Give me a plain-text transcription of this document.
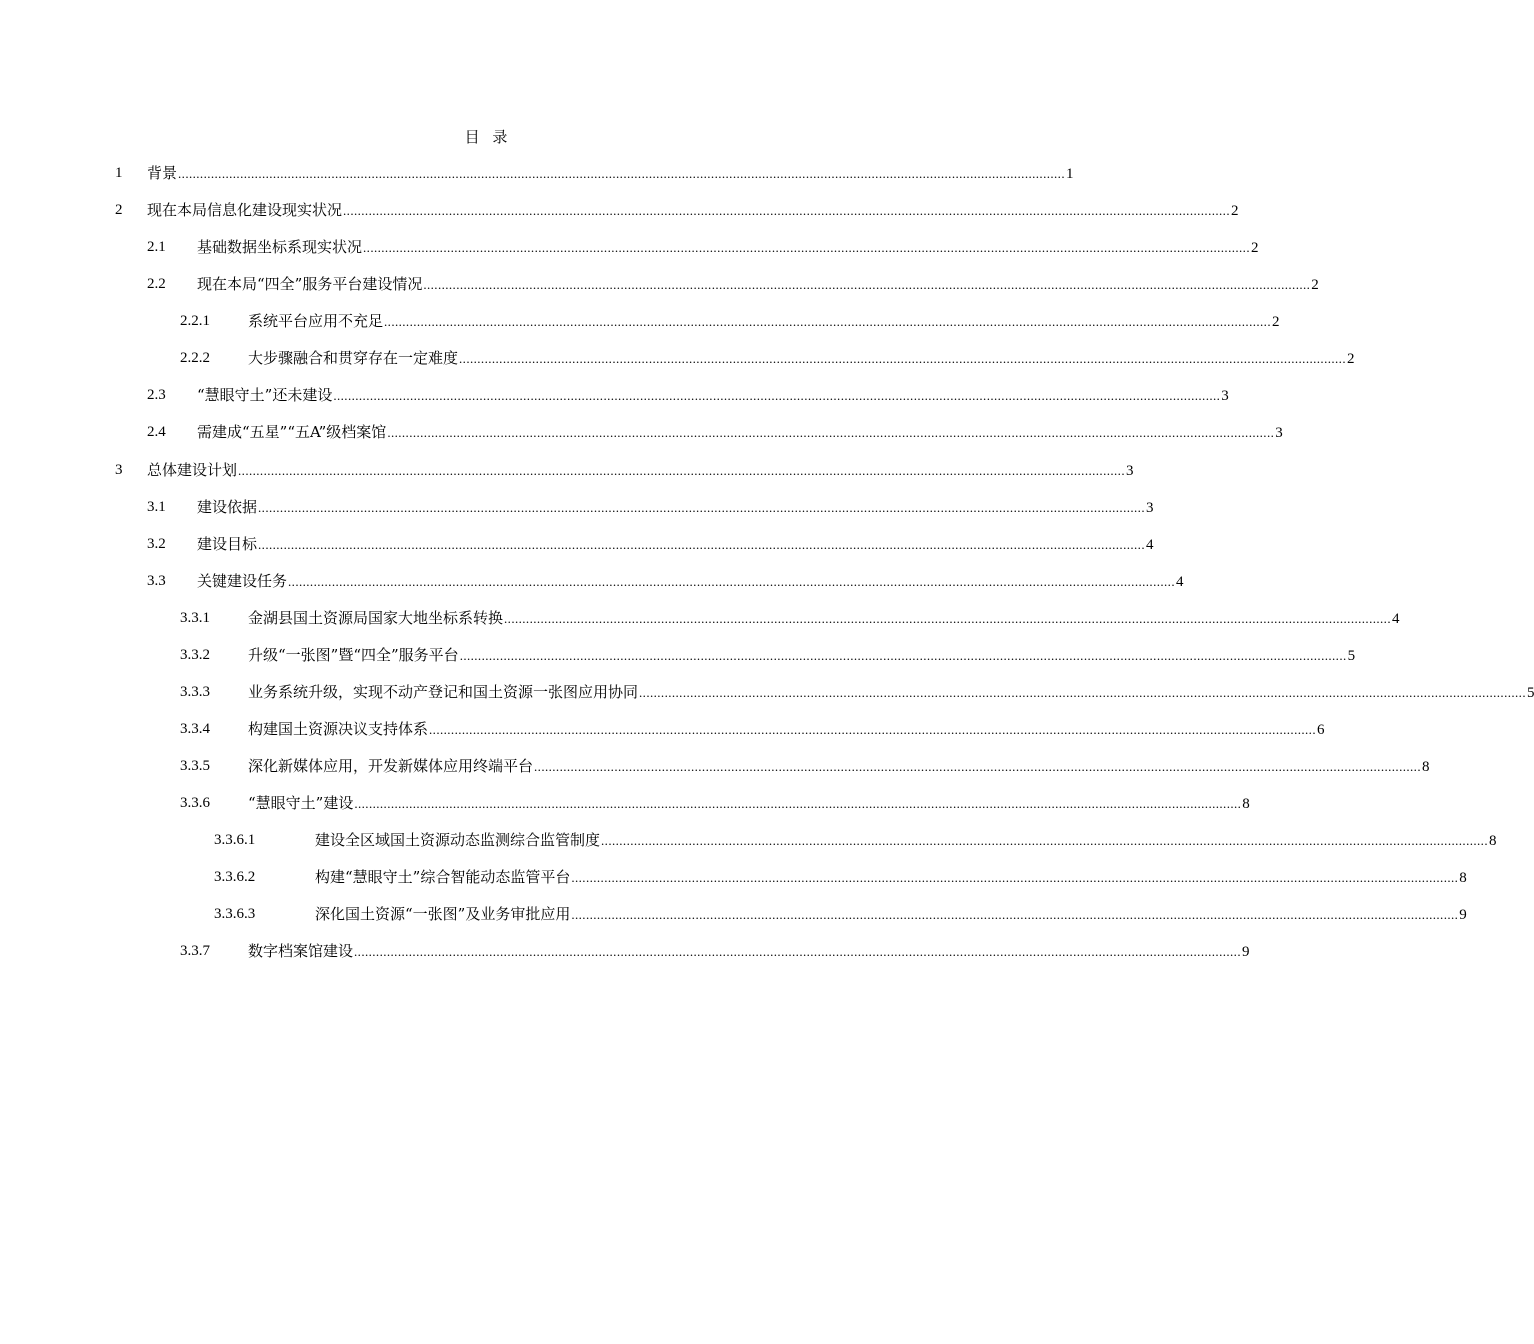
目 录
1 背景 ................................................................................................................................................................................................................................................... 1
2 现在本局信息化建设现实状况 ................................................................................................................................................................................................................................................... 2
2.1 基础数据坐标系现实状况 ................................................................................................................................................................................................................................................... 2
2.2 现在本局“四全”服务平台建设情况 ................................................................................................................................................................................................................................................... 2
2.2.1	系统平台应用不充足 ................................................................................................................................................................................................................................................... 2
2.2.2	大步骤融合和贯穿存在一定难度 ................................................................................................................................................................................................................................................... 2
2.3 “慧眼守土”还未建设 ................................................................................................................................................................................................................................................... 3
2.4 需建成“五星”“五A”级档案馆 ................................................................................................................................................................................................................................................... 3
3 总体建设计划 ................................................................................................................................................................................................................................................... 3
3.1 建设依据 ................................................................................................................................................................................................................................................... 3
3.2 建设目标 ................................................................................................................................................................................................................................................... 4
3.3 关键建设任务 ................................................................................................................................................................................................................................................... 4
3.3.1	金湖县国土资源局国家大地坐标系转换 ................................................................................................................................................................................................................................................... 4
3.3.2	升级“一张图”暨“四全”服务平台 ................................................................................................................................................................................................................................................... 5
3.3.3	业务系统升级，实现不动产登记和国土资源一张图应用协同 ................................................................................................................................................................................................................................................... 5
3.3.4	构建国土资源决议支持体系 ................................................................................................................................................................................................................................................... 6
3.3.5	深化新媒体应用，开发新媒体应用终端平台 ................................................................................................................................................................................................................................................... 8
3.3.6	“慧眼守土”建设 ................................................................................................................................................................................................................................................... 8
3.3.6.1	建设全区域国土资源动态监测综合监管制度 ................................................................................................................................................................................................................................................... 8
3.3.6.2	构建“慧眼守土”综合智能动态监管平台 ................................................................................................................................................................................................................................................... 8
3.3.6.3	深化国土资源“一张图”及业务审批应用 ................................................................................................................................................................................................................................................... 9
3.3.7	数字档案馆建设 ................................................................................................................................................................................................................................................... 9
